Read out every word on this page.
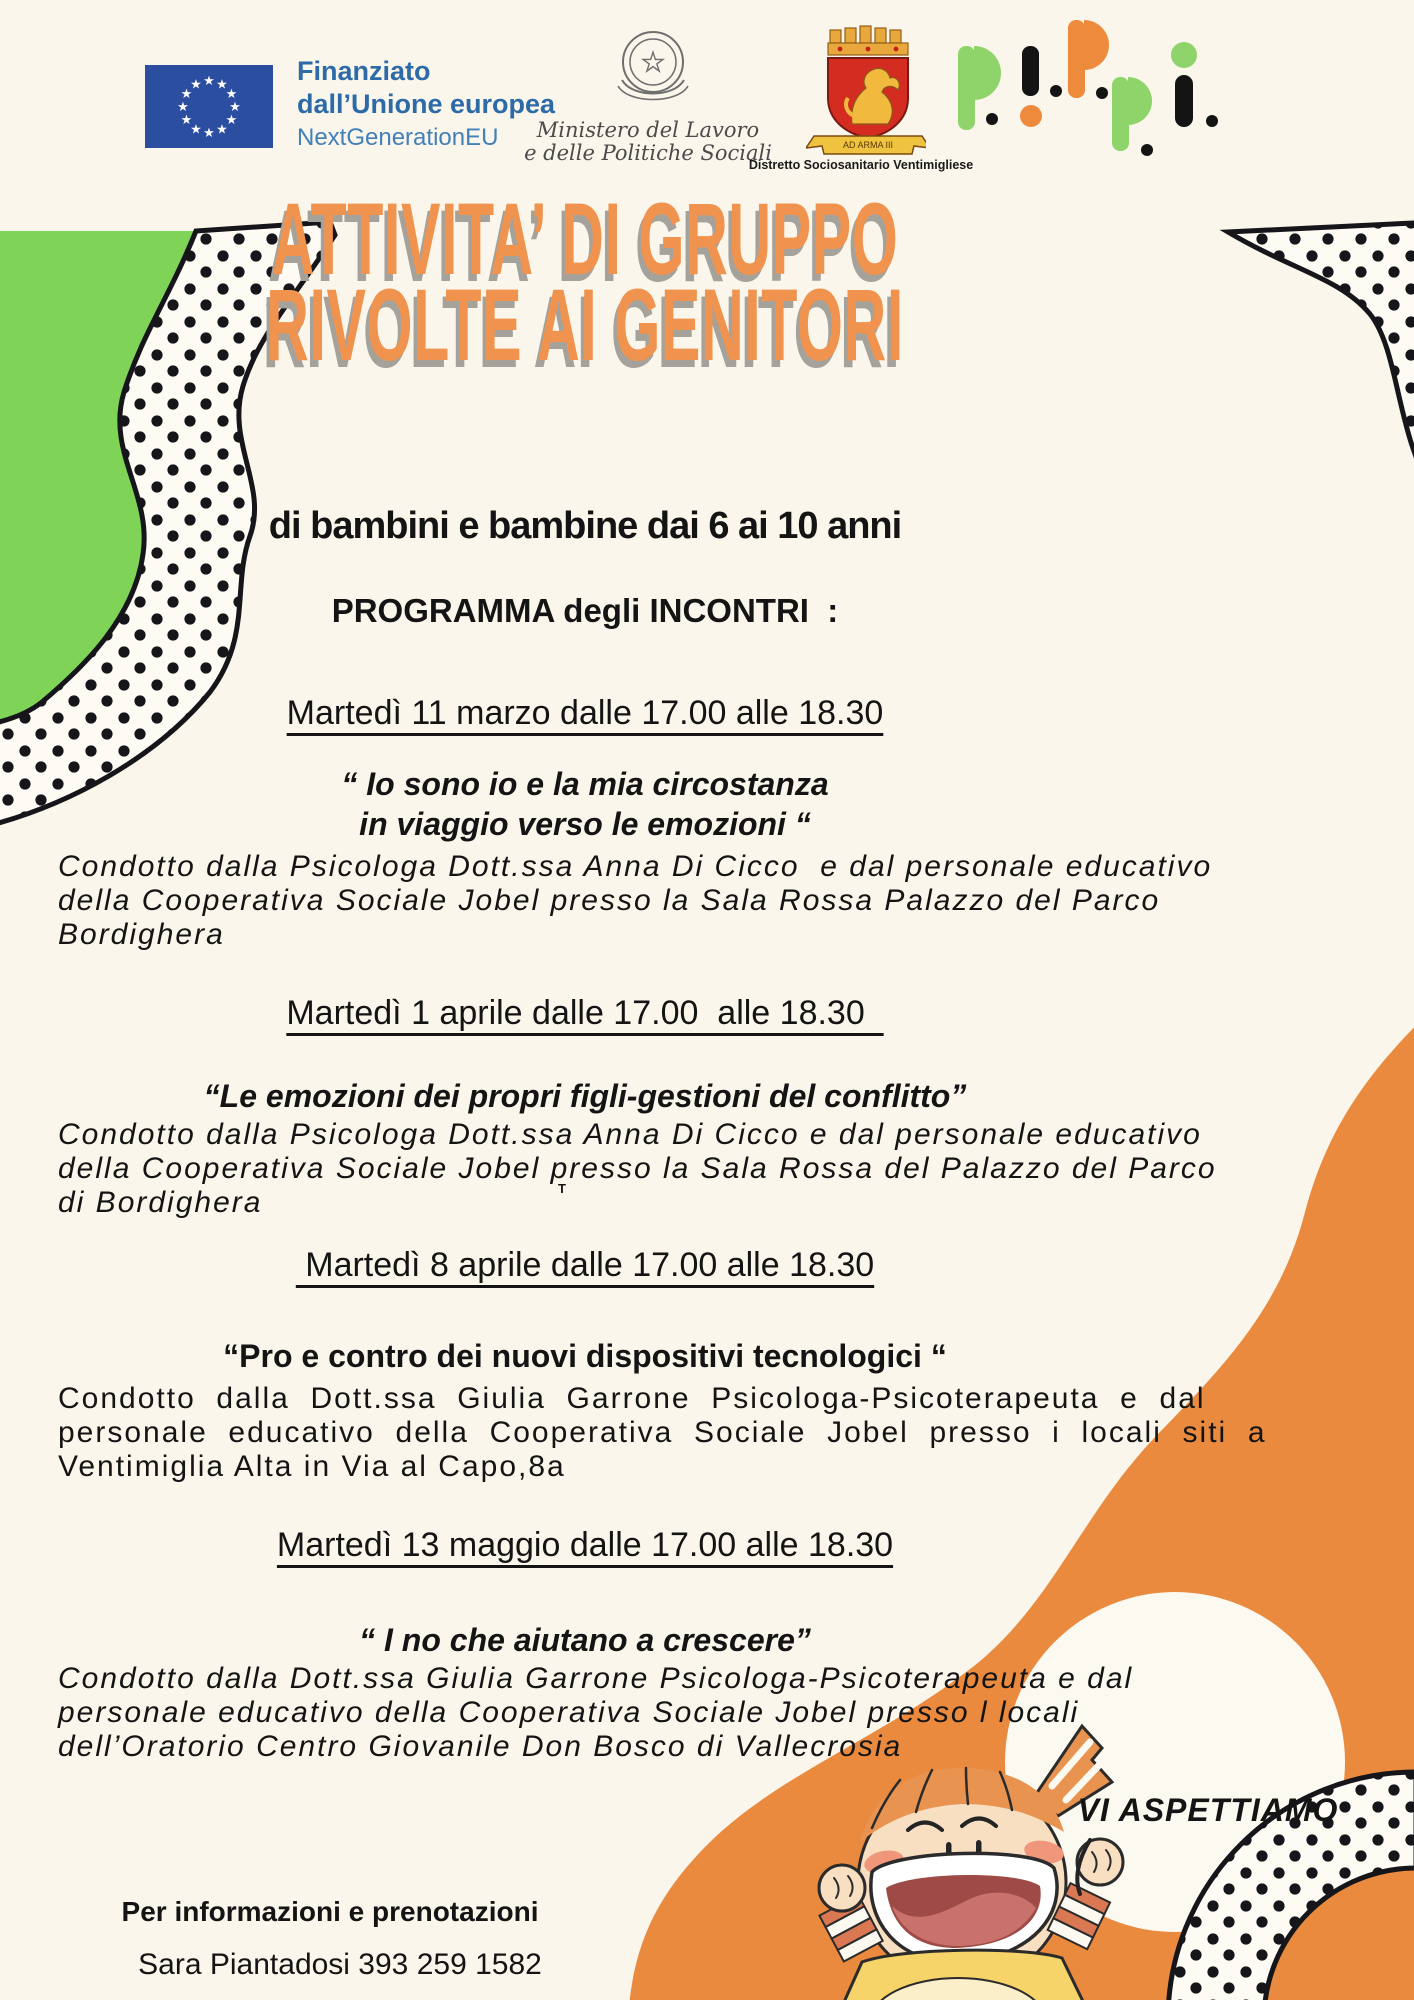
★ ★
★
★
★
★
★
★
★
★
★
★	Finanziato
dall’Unione europea
NextGenerationEU
★
Ministero del Lavoro
e delle Politiche Sociali	AD ARMA III
Distretto Sociosanitario Ventimigliese
ATTIVITA’ DI GRUPPO
RIVOLTE AI GENITORI
di bambini e bambine dai 6 ai 10 anni
PROGRAMMA degli INCONTRI  :
Martedì 11 marzo dalle 17.00 alle 18.30
“ Io sono io e la mia circostanza
in viaggio verso le emozioni “
Condotto dalla Psicologa Dott.ssa Anna Di Cicco  e dal personale educativo
della Cooperativa Sociale Jobel presso la Sala Rossa Palazzo del Parco
Bordighera
Martedì 1 aprile dalle 17.00  alle 18.30
“Le emozioni dei propri figli-gestioni del conflitto”
Condotto dalla Psicologa Dott.ssa Anna Di Cicco e dal personale educativo
della Cooperativa Sociale Jobel presso la Sala Rossa del Palazzo del Parco
di Bordighera	T
Martedì 8 aprile dalle 17.00 alle 18.30
“Pro e contro dei nuovi dispositivi tecnologici “
Condotto  dalla  Dott.ssa  Giulia  Garrone  Psicologa-Psicoterapeuta  e  dal
personale  educativo  della  Cooperativa  Sociale  Jobel  presso  i  locali  siti  a
Ventimiglia Alta in Via al Capo,8a
Martedì 13 maggio dalle 17.00 alle 18.30
“ I no che aiutano a crescere”
Condotto dalla Dott.ssa Giulia Garrone Psicologa-Psicoterapeuta e dal
personale educativo della Cooperativa Sociale Jobel presso l locali
dell’Oratorio Centro Giovanile Don Bosco di Vallecrosia
VI ASPETTIAMO
Per informazioni e prenotazioni
Sara Piantadosi 393 259 1582
